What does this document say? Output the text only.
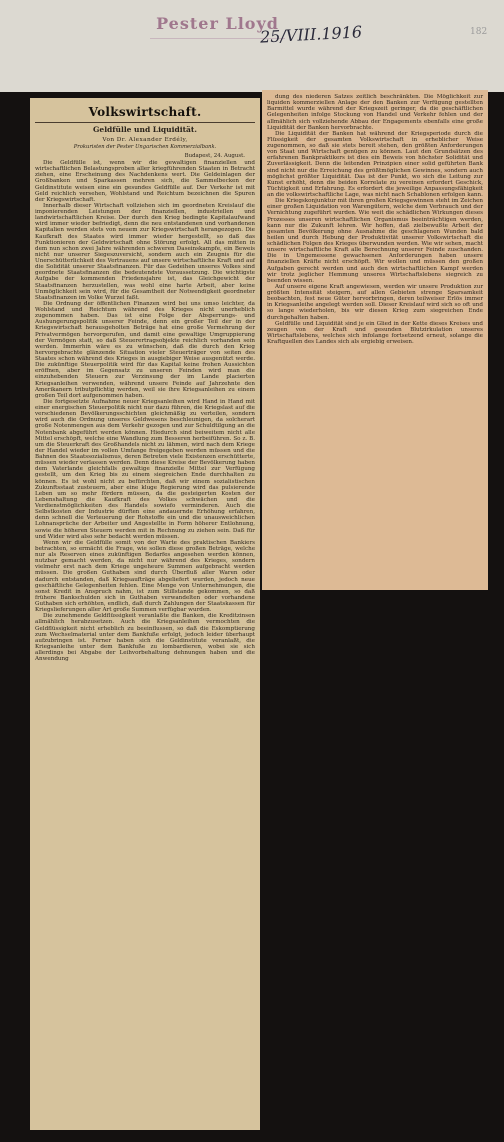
Pester Lloyd
25/VIII.1916	182
Volkswirtschaft.
Geldfülle und Liquidität.
Von Dr. Alexander Erdély,
Prokuristen der Pester Ungarischen Kommerzialbank.
Budapest, 24. August.

Die Geldfülle ist, wenn wir die gewaltigen finanziellen und wirtschaftlichen Belastungsproben aller kriegführenden Staaten in Betracht ziehen, eine Erscheinung des Nachdenkens wert. Die Geldeinlagen der Großbanken und Sparkassen mehren sich, die Sammelbecken der Geldinstitute weisen eine ein gesundes Geldfülle auf. Der Verkehr ist mit Geld reichlich versehen, Wohlstand und Reichtum bezeichnen die Spuren der Kriegswirtschaft.

Innerhalb dieser Wirtschaft vollziehen sich im geordneten Kreislauf die imponierenden Leistungen der finanziellen, industriellen und landwirtschaftlichen Kreise. Der durch den Krieg bedingte Kapitalaufwand wird immer wieder befriedigt, denn die neu entstandenen und vorhandenen Kapitalien werden stets von neuem zur Kriegswirtschaft herangezogen. Die Kaufkraft des Staates wird immer wieder hergestellt, so daß das Funktionieren der Geldwirtschaft ohne Störung erfolgt. All das mitten in dem nun schon zwei Jahre währenden schweren Daseinskampfe, ein Beweis nicht nur unserer Siegeszuversicht, sondern auch ein Zeugnis für die Unerschütterlichkeit des Vertrauens auf unsere wirtschaftliche Kraft und auf die Solidität unserer Staatsfinanzen. Für das Gedeihen unseres Volkes sind geordnete Staatsfinanzen die bedeutendste Voraussetzung. Die wichtigste Aufgabe der kommenden Friedensjahre ist, das Gleichgewicht der Staatsfinanzen herzustellen, was wohl eine harte Arbeit, aber keine Unmöglichkeit sein wird, für die Gesamtheit der Notwendigkeit geordneter Staatsfinanzen im Volke Wurzel faßt.

Die Ordnung der öffentlichen Finanzen wird bei uns umso leichter, da Wohlstand und Reichtum während des Krieges nicht unerheblich zugenommen haben. Das ist eine Folge der Absperrungs- und Aushungerungspolitik unserer Feinde, denn ein großer Teil der in der Kriegswirtschaft herausgeholten Beträge hat eine große Vermehrung der Privatvermögen hervorgerufen, und damit eine gewaltige Umgruppierung der Vermögen statt, so daß Steuerertragsobjekte reichlich vorhanden sein werden. Immerhin wäre es zu wünschen, daß die durch den Krieg hervorgebrachte glänzende Situation vieler Steuerträger von seiten des Staates schon während des Krieges in ausgiebiger Weise ausgenützt werde. Die zukünftige Steuerpolitik wird für das Kapital keine frohen Aussichten eröffnen, aber im Gegensatz zu unseren Feinden wird man die einzuhebenden Steuern zur Verzinsung der im Lande placierten Kriegsanleihen verwenden, während unsere Feinde auf Jahrzehnte den Amerikanern tributpflichtig werden, weil sie ihre Kriegsanleihen zu einem großen Teil dort aufgenommen haben.

Die fortgesetzte Aufnahme neuer Kriegsanleihen wird Hand in Hand mit einer energischen Steuerpolitik nicht nur dazu führen, die Kriegslast auf die verschiedenen Bevölkerungsschichten gleichmäßig zu verteilen, sondern wird auch die Ordnung unseres Geldwesens beschleunigen, da solcherart große Notenmengen aus dem Verkehr gezogen und zur Schuldtilgung an die Notenbank abgeführt werden können. Hiedurch sind beiweitem nicht alle Mittel erschöpft, welche eine Wandlung zum Besseren herbeiführen. So z. B. um die Steuerkraft des Großhandels nicht zu lähmen, wird nach dem Kriege der Handel wieder im vollen Umfange freigegeben werden müssen und die Bahnen des Staatssozialismus, deren Betreten viele Existenzen erschütterte, müssen wieder verlassen werden. Denn diese Kreise der Bevölkerung haben dem Vaterlande gleichfalls gewaltige finanzielle Mittel zur Verfügung gestellt, um den Krieg bis zu einem siegreichen Ende durchhalten zu können. Es ist wohl nicht zu befürchten, daß wir einem sozialistischen Zukunftsstaat zusteuern, aber eine kluge Regierung wird das pulsierende Leben um so mehr fördern müssen, da die gesteigerten Kosten der Lebenshaltung die Kaufkraft des Volkes schwächen und die Verdienstmöglichkeiten des Handels sowiefo verminderen. Auch die Selbstkosten der Industrie dürften eine andauernde Erhöhung erfahren, denn schnell die Verteuerung der Rohstoffe ein und die unausweichlichen Lohnansprüche der Arbeiter und Angestellte in Form höherer Entlohnung, sowie die höheren Steuern werden mit in Rechnung zu ziehen sein. Daß für und Wider wird also sehr bedacht werden müssen.

Wenn wir die Geldfülle somit von der Warte des praktischen Bankiers betrachten, so ermächt die Frage, wie sollen diese großen Beträge, welche nur als Reserven eines zukünftigen Bedarfes angesehen werden können, nutzbar gemacht werden, da nicht nur während des Krieges, sondern vielmehr erst nach dem Kriege ungeheure Summen aufgebracht werden müssen. Die großen Guthaben sind durch Überfluß aller Waren oder dadurch entstanden, daß Kriegsaufträge abgeliefert wurden, jedoch neue geschäftliche Gelegenheiten fehlen. Eine Menge von Unternehmungen, die sonst Kredit in Anspruch nahm, ist zum Stillstande gekommen, so daß frühere Bankschulden sich in Guthaben verwandelten oder vorhandene Guthaben sich erhöhten, endlich, daß durch Zahlungen der Staatskassen für Kriegslieferungen aller Art große Summen verfügbar wurden.

Die zunehmende Geldflüssigkeit veranlaßte die Banken, die Kreditzinsen allmählich herabzusetzen. Auch die Kriegsanleihen vermochten die Geldflüssigkeit nicht erheblich zu beeinflussen, so daß die Eskomptierung zum Wechselmaterial unter dem Bankfuße erfolgt, jedoch leider überhaupt aufzubringen ist. Ferner haben sich die Geldinstitute veranlaßt, die Kriegsanleihe unter dem Bankfuße zu lombardieren, wobei sie sich allerdings bei Abgabe der Leihvorbehaltung dehnungen haben und die Anwendung

dung des niederen Satzes zeitlich beschränkten. Die Möglichkeit zur liquiden kommerziellen Anlage der den Banken zur Verfügung gestellten Barmittel wurde während der Kriegszeit geringer, da die geschäftlichen Gelegenheiten infolge Stockung von Handel und Verkehr fehlen und der allmählich sich vollziehende Abbau der Engagements ebenfalls eine große Liquidität der Banken hervorbrachte.

Die Liquidität der Banken hat während der Kriegsperiode durch die Flüssigkeit der gesamten Volkswirtschaft in erheblicher Weise zugenommen, so daß sie stets bereit stehen, den größten Anforderungen von Staat und Wirtschaft genügen zu können. Laut den Grundsätzen des erfahrenen Bankpraktikers ist dies ein Beweis von höchster Solidität und Zuverlässigkeit. Denn die leitenden Prinzipien einer solid geführten Bank sind nicht nur die Erreichung des größtmöglichen Gewinnes, sondern auch möglichst größter Liquidität. Das ist der Punkt, wo sich die Leitung zur Kunst erhöht, denn die beiden Korrelate zu vereinen erfordert Geschick, Tüchtigkeit und Erfahrung. Es erfordert die jeweilige Anpassungsfähigkeit an die volkswirtschaftliche Lage, was nicht nach Schablonen erfolgen kann.

Die Kriegskonjunktur mit ihren großen Kriegsgewinnen steht im Zeichen einer großen Liquidation von Warengütern, welche dem Verbrauch und der Vernichtung zugeführt wurden. Wie weit die schädlichen Wirkungen dieses Prozesses unseren wirtschaftlichen Organismus beeinträchtigen werden, kann nur die Zukunft lehren. Wir hoffen, daß zielbewußte Arbeit der gesamten Bevölkerung ohne Ausnahme die geschlagenen Wunden bald heilen und durch Hebung der Produktivität unserer Volkswirtschaft die schädlichen Folgen des Krieges überwunden werden. Wie wir sehen, macht unsere wirtschaftliche Kraft alle Berechnung unserer Feinde zuschanden. Die in Ungemessene gewachsenen Anforderungen haben unsere finanziellen Kräfte nicht erschöpft. Wir wollen und müssen den großen Aufgaben gerecht werden und auch den wirtschaftlichen Kampf werden wir trotz jeglicher Hemmung unseres Wirtschaftslebens siegreich zu beenden wissen.

Auf unsere eigene Kraft angewiesen, werden wir unsere Produktion zur größten Intensität steigern, auf allen Gebieten strenge Sparsamkeit beobachten, fest neue Güter hervorbringen, deren teilweiser Erlös immer in Kriegsanleihe angelegt werden soll. Dieser Kreislauf wird sich so oft und so lange wiederholen, bis wir diesen Krieg zum siegreichen Ende durchgehalten haben.

Geldfülle und Liquidität sind je ein Glied in der Kette dieses Kreises und zeugen von der Kraft und gesunden Blutzirkulation unseres Wirtschaftslebens, welches sich infolange fortsetzend erneut, solange die Kraftquellen des Landes sich als ergiebig erweisen.
